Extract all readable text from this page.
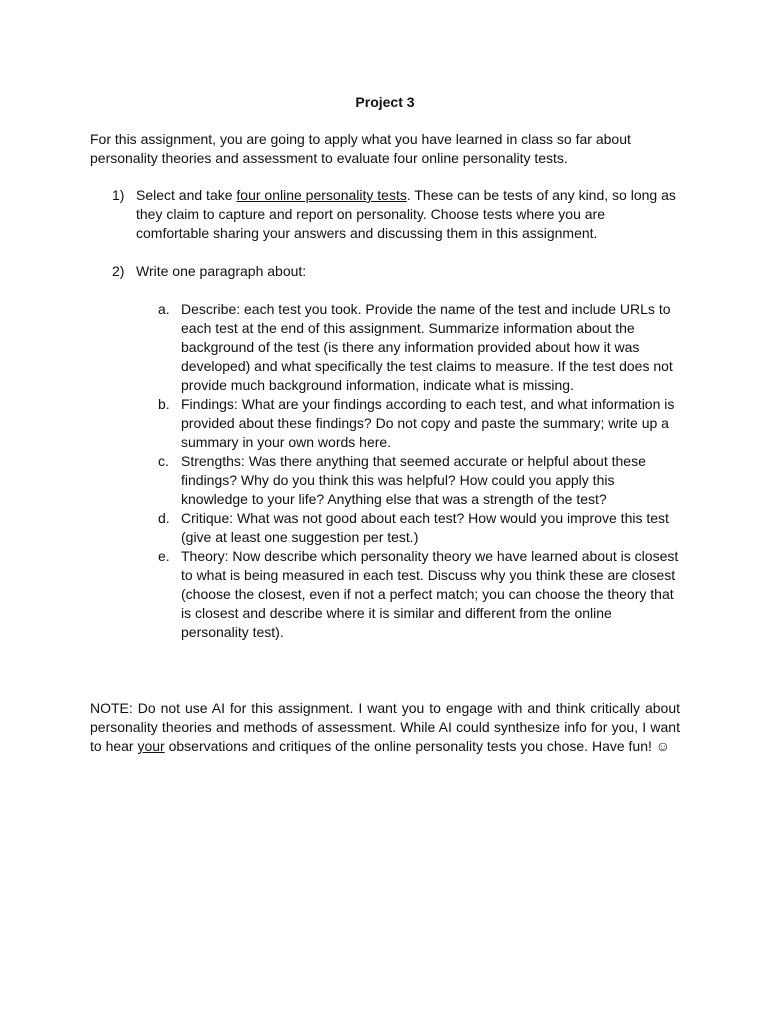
Project 3

For this assignment, you are going to apply what you have learned in class so far about personality theories and assessment to evaluate four online personality tests.

1) Select and take four online personality tests. These can be tests of any kind, so long as they claim to capture and report on personality. Choose tests where you are comfortable sharing your answers and discussing them in this assignment.
2) Write one paragraph about:
a. Describe: each test you took. Provide the name of the test and include URLs to each test at the end of this assignment. Summarize information about the background of the test (is there any information provided about how it was developed) and what specifically the test claims to measure. If the test does not provide much background information, indicate what is missing.
b. Findings: What are your findings according to each test, and what information is provided about these findings? Do not copy and paste the summary; write up a summary in your own words here.
c. Strengths: Was there anything that seemed accurate or helpful about these findings? Why do you think this was helpful? How could you apply this knowledge to your life? Anything else that was a strength of the test?
d. Critique: What was not good about each test? How would you improve this test (give at least one suggestion per test.)
e. Theory: Now describe which personality theory we have learned about is closest to what is being measured in each test. Discuss why you think these are closest (choose the closest, even if not a perfect match; you can choose the theory that is closest and describe where it is similar and different from the online personality test).

NOTE: Do not use AI for this assignment. I want you to engage with and think critically about personality theories and methods of assessment. While AI could synthesize info for you, I want to hear your observations and critiques of the online personality tests you chose. Have fun! ☺
